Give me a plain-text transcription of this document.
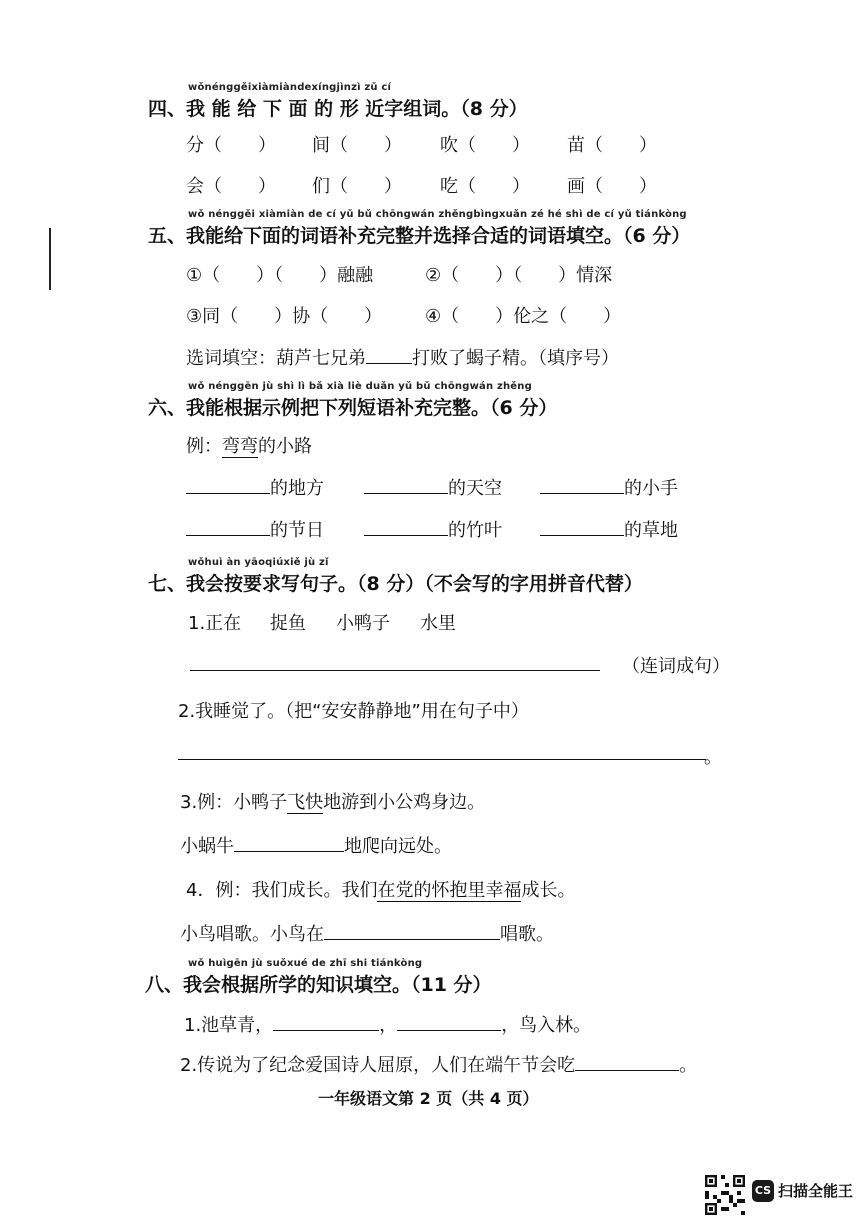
wǒnénggěixiàmiàndexíngjìnzì zǔ cí
四、我 能 给 下 面 的 形 近字组词。（8 分）
分（　　） 间（　　） 吹（　　） 苗（　　）
会（　　） 们（　　） 吃（　　） 画（　　）
wǒ nénggěi xiàmiàn de cí yǔ bǔ chōngwán zhěngbìngxuǎn zé hé shì de cí yǔ tiánkòng
五、我能给下面的词语补充完整并选择合适的词语填空。（6 分）
①（　　）（　　）融融	②（　　）（　　）情深
③同（　　）协（　　） ④（　　）伦之（　　）
选词填空：葫芦七兄弟	打败了蝎子精。（填序号）
wǒ nénggēn jù shì lì bǎ xià liè duǎn yǔ bǔ chōngwán zhěng
六、我能根据示例把下列短语补充完整。（6 分）
例：弯弯的小路
的地方	的天空	的小手
的节日	的竹叶	的草地
wǒhuì àn yāoqiúxiě jù zǐ
七、我会按要求写句子。（8 分）（不会写的字用拼音代替）
1.正在 捉鱼 小鸭子 水里
（连词成句）
2.我睡觉了。（把“安安静静地”用在句子中）
。
3.例：小鸭子飞快地游到小公鸡身边。
小蜗牛	地爬向远处。
4．例：我们成长。我们在党的怀抱里幸福成长。
小鸟唱歌。小鸟在	唱歌。
wǒ huìgēn jù suǒxué de zhī shi tiánkòng
八、我会根据所学的知识填空。（11 分）
1.池草青，	，	，鸟入林。
2.传说为了纪念爱国诗人屈原，人们在端午节会吃	。
一年级语文第 2 页（共 4 页）
CS 扫描全能王
